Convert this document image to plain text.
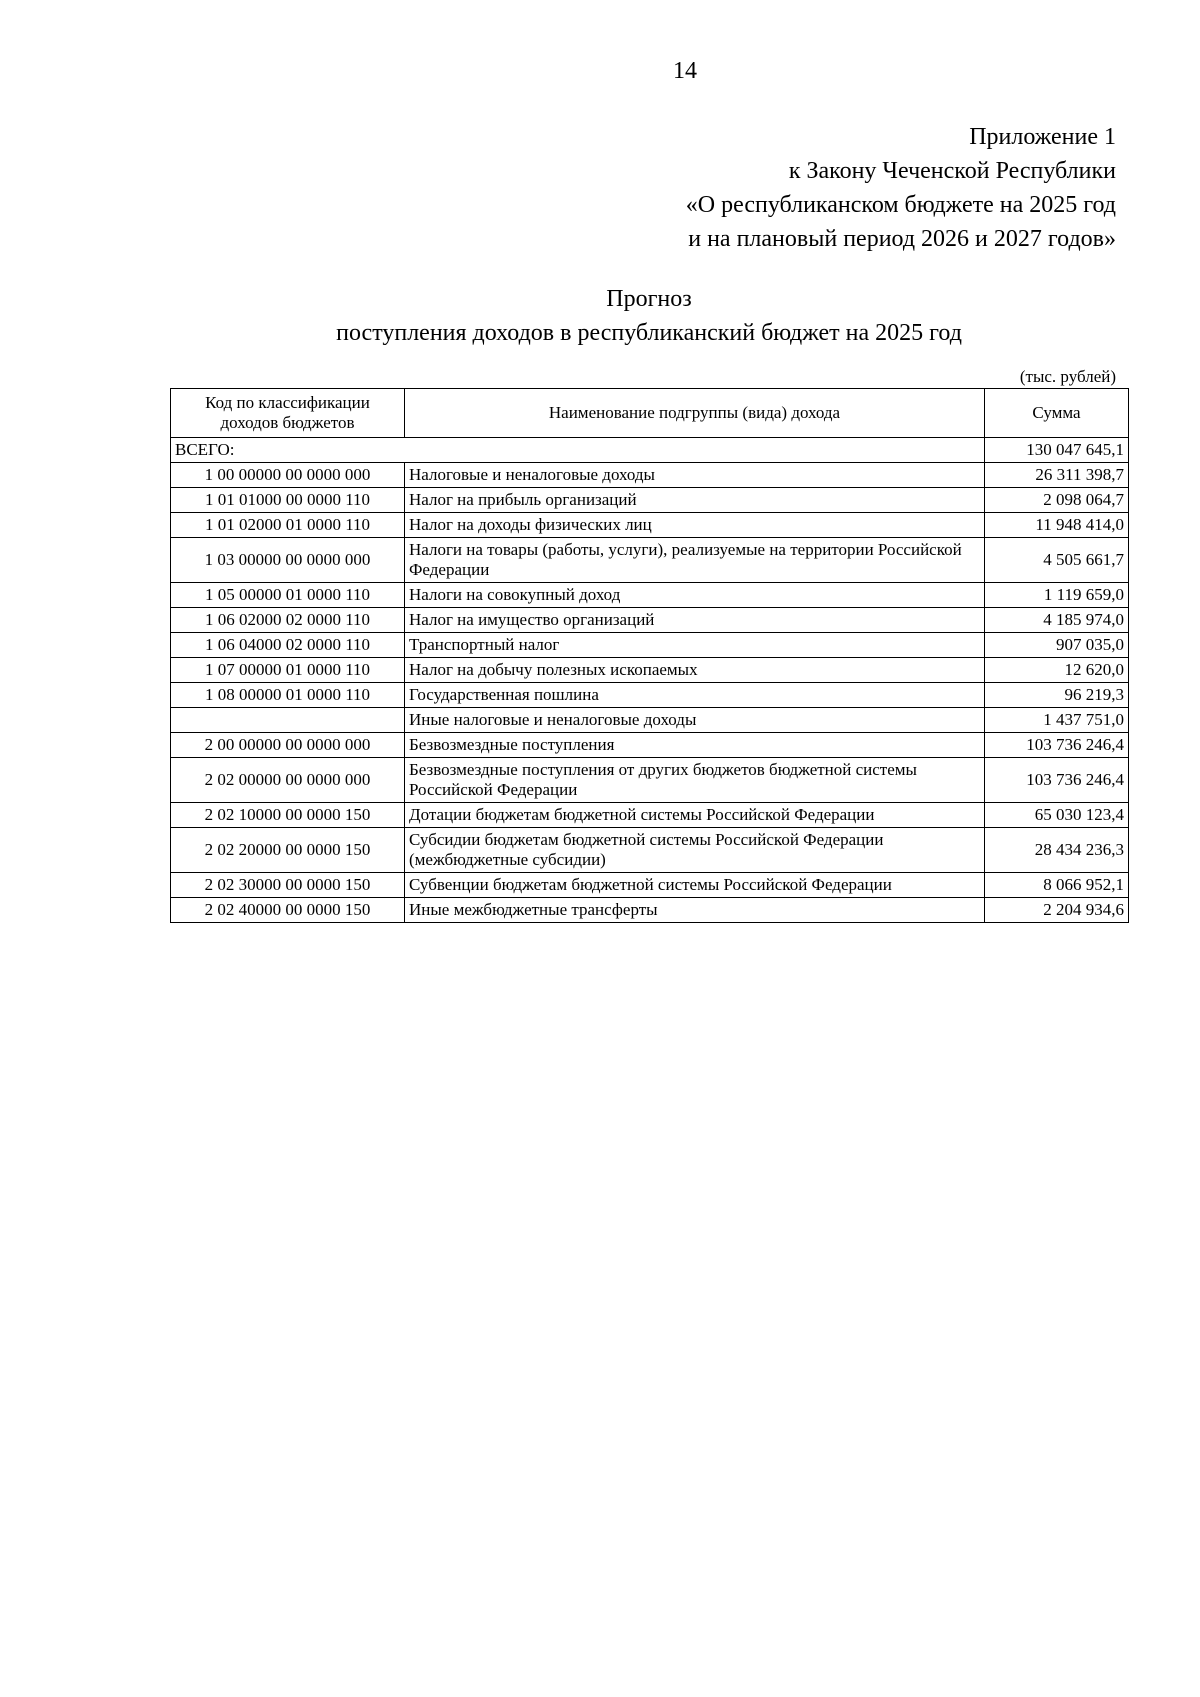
14
Приложение 1
к Закону Чеченской Республики
«О республиканском бюджете на 2025 год
и на плановый период 2026 и 2027 годов»
Прогноз
поступления доходов в республиканский бюджет на 2025 год
(тыс. рублей)
Код по классификации доходов бюджетов	Наименование подгруппы (вида) дохода	Сумма
ВСЕГО:		130 047 645,1
1 00 00000 00 0000 000	Налоговые и неналоговые доходы	26 311 398,7
1 01 01000 00 0000 110	Налог на прибыль организаций	2 098 064,7
1 01 02000 01 0000 110	Налог на доходы физических лиц	11 948 414,0
1 03 00000 00 0000 000	Налоги на товары (работы, услуги), реализуемые на территории Российской Федерации	4 505 661,7
1 05 00000 01 0000 110	Налоги на совокупный доход	1 119 659,0
1 06 02000 02 0000 110	Налог на имущество организаций	4 185 974,0
1 06 04000 02 0000 110	Транспортный налог	907 035,0
1 07 00000 01 0000 110	Налог на добычу полезных ископаемых	12 620,0
1 08 00000 01 0000 110	Государственная пошлина	96 219,3
	Иные налоговые и неналоговые доходы	1 437 751,0
2 00 00000 00 0000 000	Безвозмездные поступления	103 736 246,4
2 02 00000 00 0000 000	Безвозмездные поступления от других бюджетов бюджетной системы Российской Федерации	103 736 246,4
2 02 10000 00 0000 150	Дотации бюджетам бюджетной системы Российской Федерации	65 030 123,4
2 02 20000 00 0000 150	Субсидии бюджетам бюджетной системы Российской Федерации (межбюджетные субсидии)	28 434 236,3
2 02 30000 00 0000 150	Субвенции бюджетам бюджетной системы Российской Федерации	8 066 952,1
2 02 40000 00 0000 150	Иные межбюджетные трансферты	2 204 934,6
